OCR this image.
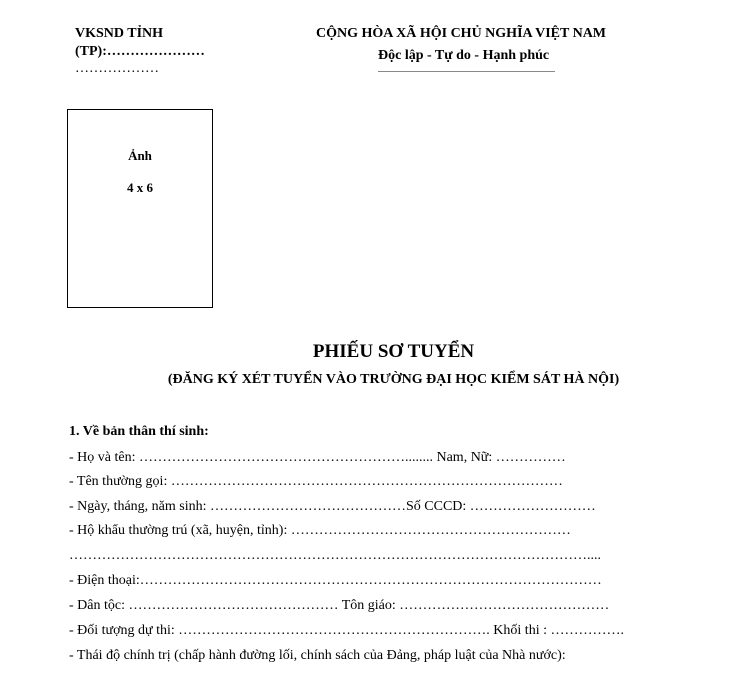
VKSND TỈNH
(TP):…………………
………………
CỘNG HÒA XÃ HỘI CHỦ NGHĨA VIỆT NAM
Độc lập - Tự do - Hạnh phúc
Ảnh
4 x 6
PHIẾU SƠ TUYỂN
(ĐĂNG KÝ XÉT TUYỂN VÀO TRƯỜNG ĐẠI HỌC KIỂM SÁT HÀ NỘI)
1. Về bản thân thí sinh:
- Họ và tên: …………………………………………………........ Nam, Nữ: ……………
- Tên thường gọi: …………………………………………………………………………
- Ngày, tháng, năm sinh: ……………………………………Số CCCD: ………………………
- Hộ khẩu thường trú (xã, huyện, tỉnh): ……………………………………………………
…………………………………………………………………………………………………....
- Điện thoại:………………………………………………………………………………………
- Dân tộc: ……………………………………… Tôn giáo: ………………………………………
- Đối tượng dự thi: …………………………………………………………. Khối thi : …………….
- Thái độ chính trị (chấp hành đường lối, chính sách của Đảng, pháp luật của Nhà nước):
